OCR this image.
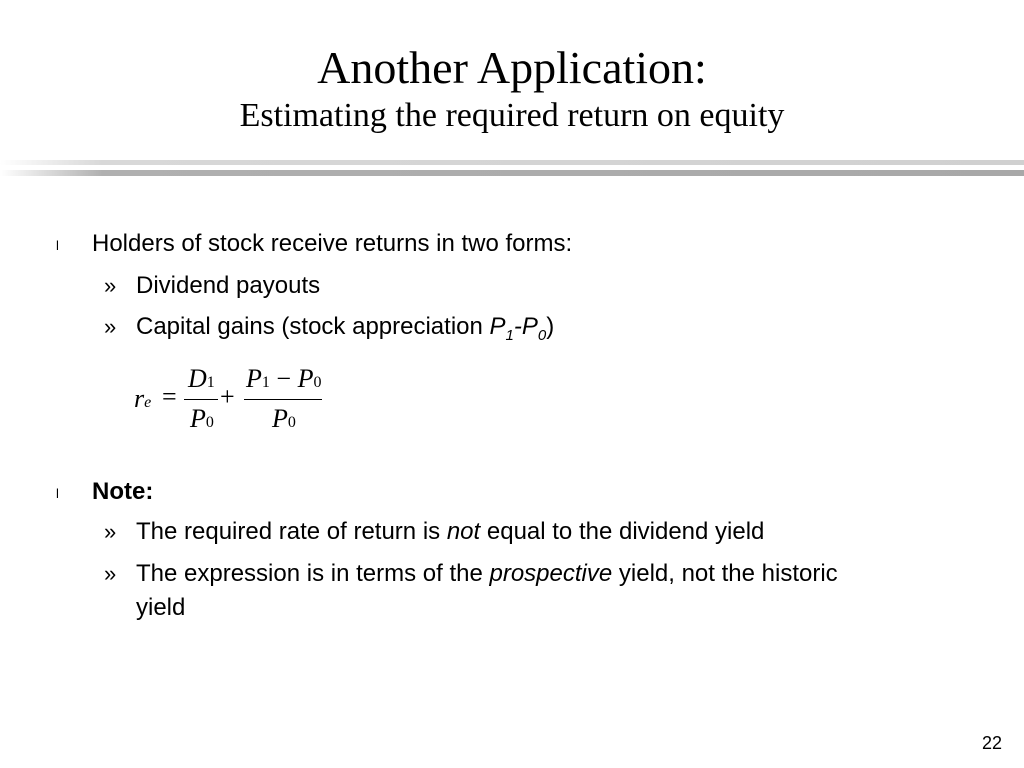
Another Application:
Estimating the required return on equity
l Holders of stock receive returns in two forms:
» Dividend payouts
» Capital gains (stock appreciation $P_1-P_0$)
re =
D1
P0
+
P1 − P0
P0
l Note:
» The required rate of return is not equal to the dividend yield
» The expression is in terms of the prospective yield, not the historic
yield
22
